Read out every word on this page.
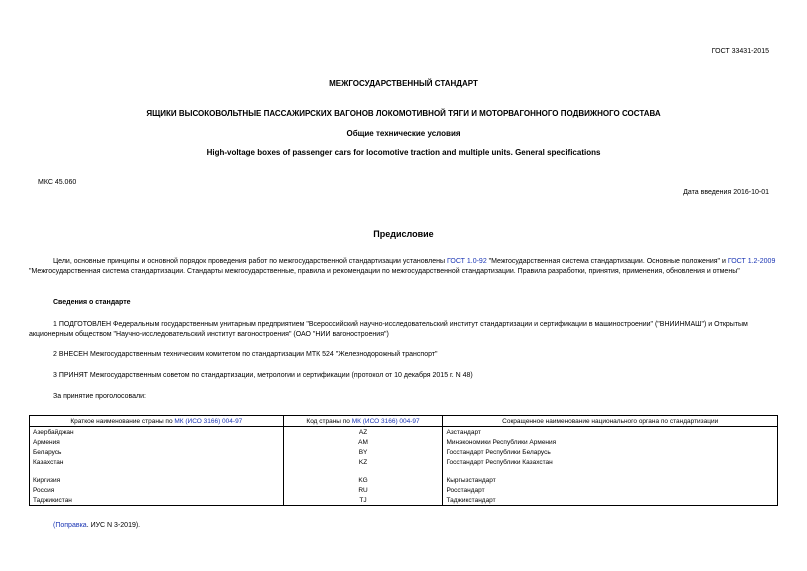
ГОСТ 33431-2015
МЕЖГОСУДАРСТВЕННЫЙ СТАНДАРТ
ЯЩИКИ ВЫСОКОВОЛЬТНЫЕ ПАССАЖИРСКИХ ВАГОНОВ ЛОКОМОТИВНОЙ ТЯГИ И МОТОРВАГОННОГО ПОДВИЖНОГО СОСТАВА
Общие технические условия
High-voltage boxes of passenger cars for locomotive traction and multiple units. General specifications
МКС 45.060
Дата введения 2016-10-01
Предисловие
Цели, основные принципы и основной порядок проведения работ по межгосударственной стандартизации установлены ГОСТ 1.0-92 "Межгосударственная система стандартизации. Основные положения" и ГОСТ 1.2-2009 "Межгосударственная система стандартизации. Стандарты межгосударственные, правила и рекомендации по межгосударственной стандартизации. Правила разработки, принятия, применения, обновления и отмены"
Сведения о стандарте
1 ПОДГОТОВЛЕН Федеральным государственным унитарным предприятием "Всероссийский научно-исследовательский институт стандартизации и сертификации в машиностроении" ("ВНИИНМАШ") и Открытым акционерным обществом "Научно-исследовательский институт вагоностроения" (ОАО "НИИ вагоностроения")
2 ВНЕСЕН Межгосударственным техническим комитетом по стандартизации МТК 524 "Железнодорожный транспорт"
3 ПРИНЯТ Межгосударственным советом по стандартизации, метрологии и сертификации (протокол от 10 декабря 2015 г. N 48)
За принятие проголосовали:
Краткое наименование страны по МК (ИСО 3166) 004-97	Код страны по МК (ИСО 3166) 004-97	Сокращенное наименование национального органа по стандартизации
Азербайджан	AZ	Азстандарт
Армения	AM	Минэкономики Республики Армения
Беларусь	BY	Госстандарт Республики Беларусь
Казахстан	KZ	Госстандарт Республики Казахстан

Киргизия	KG	Кыргызстандарт
Россия	RU	Росстандарт
Таджикистан	TJ	Таджикстандарт
(Поправка. ИУС N 3-2019).
